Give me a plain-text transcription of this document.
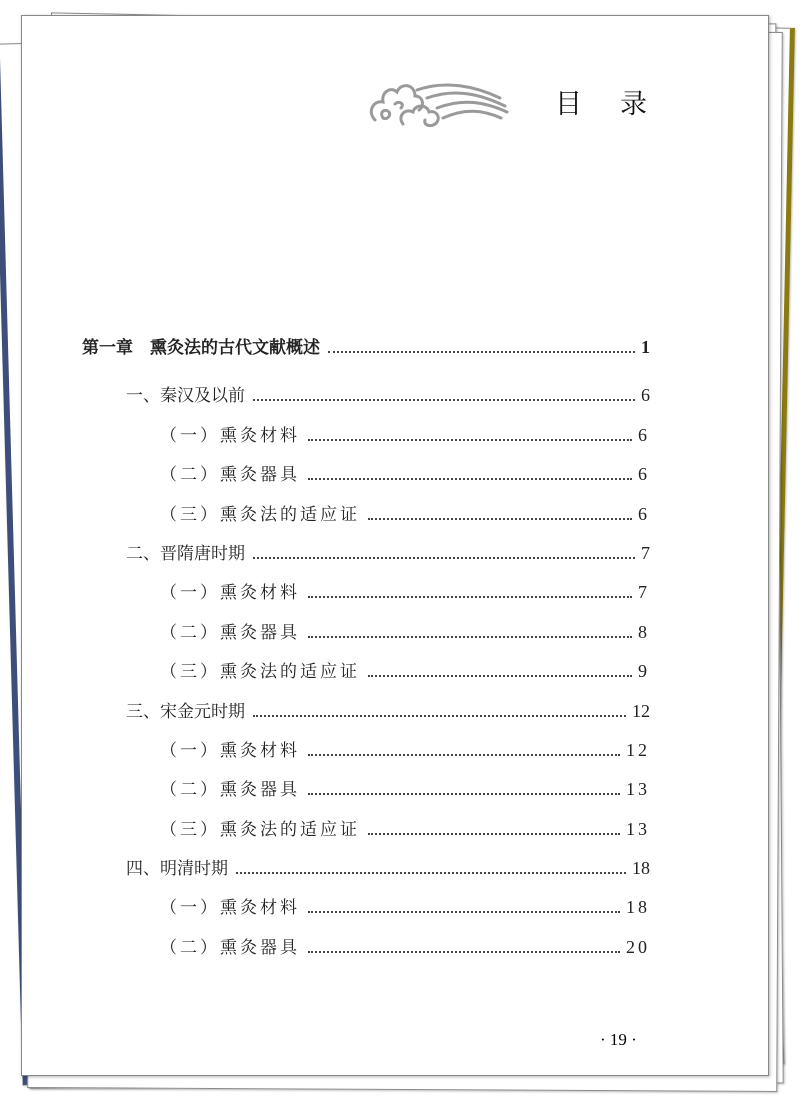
目 录
第一章　熏灸法的古代文献概述	1
一、秦汉及以前	6
（一）熏灸材料	6
（二）熏灸器具	6
（三）熏灸法的适应证	6
二、晋隋唐时期	7
（一）熏灸材料	7
（二）熏灸器具	8
（三）熏灸法的适应证	9
三、宋金元时期	12
（一）熏灸材料	12
（二）熏灸器具	13
（三）熏灸法的适应证	13
四、明清时期	18
（一）熏灸材料	18
（二）熏灸器具	20
· 19 ·
